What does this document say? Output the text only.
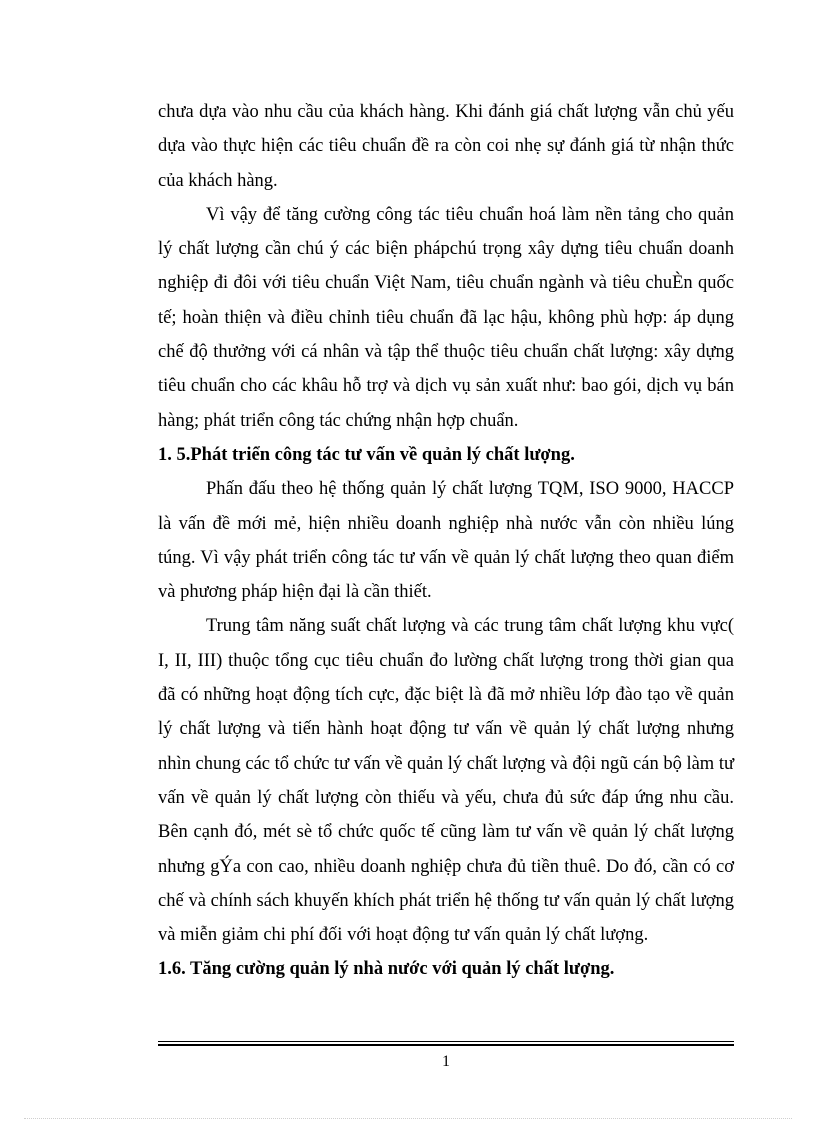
chưa dựa vào nhu cầu của khách hàng. Khi đánh giá chất lượng vẫn chủ yếu dựa vào thực hiện các tiêu chuẩn đề ra còn coi nhẹ sự đánh giá từ nhận thức của khách hàng.

Vì vậy để tăng cường công tác tiêu chuẩn hoá làm nền tảng cho quản lý chất lượng cần chú ý các biện phápchú trọng xây dựng tiêu chuẩn doanh nghiệp đi đôi với tiêu chuẩn Việt Nam, tiêu chuẩn ngành và tiêu chuÈn quốc tế; hoàn thiện và điều chỉnh tiêu chuẩn đã lạc hậu, không phù hợp: áp dụng chế độ thưởng với cá nhân và tập thể thuộc tiêu chuẩn chất lượng: xây dựng tiêu chuẩn cho các khâu hỗ trợ và dịch vụ sản xuất như: bao gói, dịch vụ bán hàng; phát triển công tác chứng nhận hợp chuẩn.

1. 5.Phát triển công tác tư vấn về quản lý chất lượng.

Phấn đấu theo hệ thống quản lý chất lượng TQM, ISO 9000, HACCP là vấn đề mới mẻ, hiện nhiều doanh nghiệp nhà nước vẫn còn nhiều lúng túng. Vì vậy phát triển công tác tư vấn về quản lý chất lượng theo quan điểm và phương pháp hiện đại là cần thiết.

Trung tâm năng suất chất lượng và các trung tâm chất lượng khu vực( I, II, III) thuộc tổng cục tiêu chuẩn đo lường chất lượng trong thời gian qua đã có những hoạt động tích cực, đặc biệt là đã mở nhiều lớp đào tạo về quản lý chất lượng và tiến hành hoạt động tư vấn về quản lý chất lượng nhưng nhìn chung các tổ chức tư vấn về quản lý chất lượng và đội ngũ cán bộ làm tư vấn về quản lý chất lượng còn thiếu và yếu, chưa đủ sức đáp ứng nhu cầu. Bên cạnh đó, mét sè tổ chức quốc tế cũng làm tư vấn về quản lý chất lượng nhưng gÝa con cao, nhiều doanh nghiệp chưa đủ tiền thuê. Do đó, cần có cơ chế và chính sách khuyến khích phát triển hệ thống tư vấn quản lý chất lượng và miễn giảm chi phí đối với hoạt động tư vấn quản lý chất lượng.

1.6. Tăng cường quản lý nhà nước với quản lý chất lượng.

1
